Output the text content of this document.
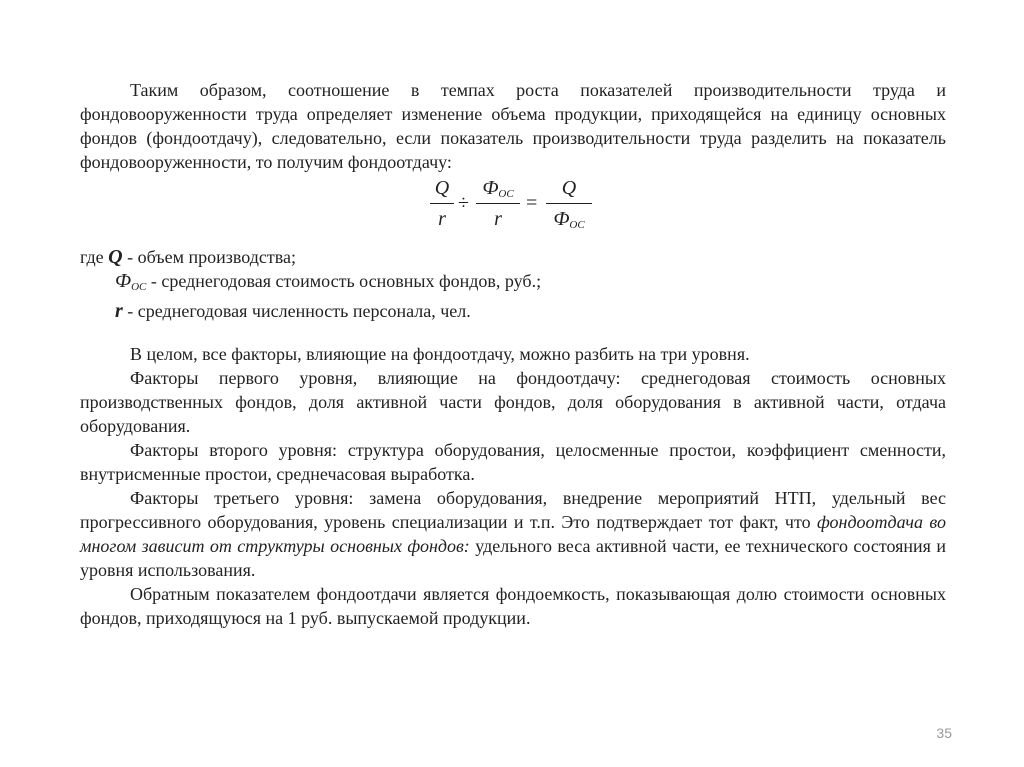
Таким образом, соотношение в темпах роста показателей производительности труда и фондовооруженности труда определяет изменение объема продукции, приходящейся на единицу основных фондов (фондоотдачу), следовательно, если показатель производительности труда разделить на показатель фондовооруженности, то получим фондоотдачу:

Q
r
÷
$Ф_{ОС}$
r
=
Q
$Ф_{ОС}$
где Q - объем производства;
$Ф_{ОС}$ - среднегодовая стоимость основных фондов, руб.;
r - среднегодовая численность персонала, чел.

В целом, все факторы, влияющие на фондоотдачу, можно разбить на три уровня.

Факторы первого уровня, влияющие на фондоотдачу: среднегодовая стоимость основных производственных фондов, доля активной части фондов, доля оборудования в активной части, отдача оборудования.

Факторы второго уровня: структура оборудования, целосменные простои, коэффициент сменности, внутрисменные простои, среднечасовая выработка.

Факторы третьего уровня: замена оборудования, внедрение мероприятий НТП, удельный вес прогрессивного оборудования, уровень специализации и т.п. Это подтверждает тот факт, что фондоотдача во многом зависит от структуры основных фондов: удельного веса активной части, ее технического состояния и уровня использования.

Обратным показателем фондоотдачи является фондоемкость, показывающая долю стоимости основных фондов, приходящуюся на 1 руб. выпускаемой продукции.

35
